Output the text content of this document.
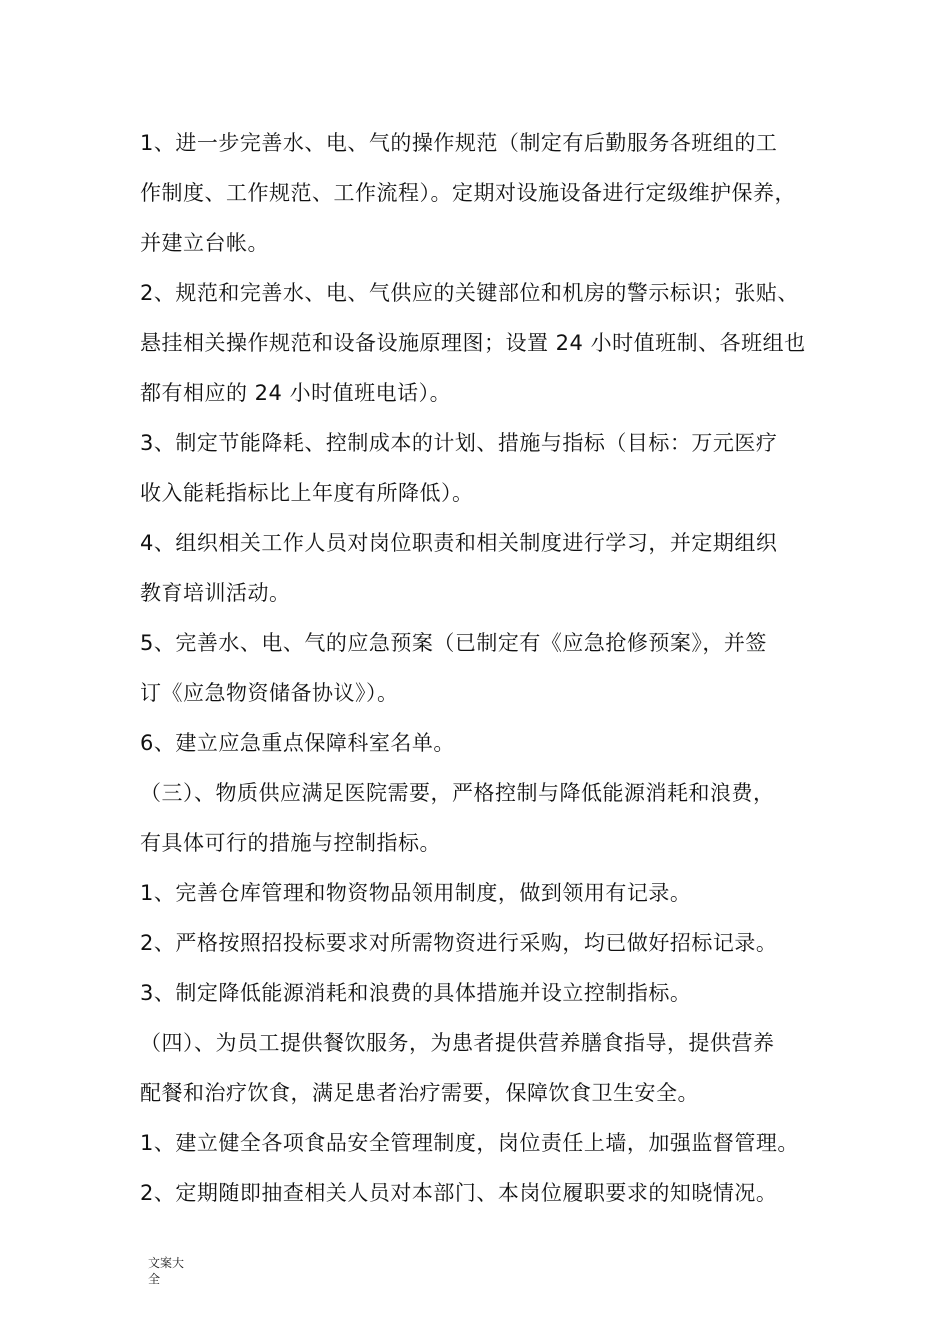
1、进一步完善水、电、气的操作规范（制定有后勤服务各班组的工
作制度、工作规范、工作流程）。定期对设施设备进行定级维护保养，
并建立台帐。
2、规范和完善水、电、气供应的关键部位和机房的警示标识；张贴、
悬挂相关操作规范和设备设施原理图；设置 24 小时值班制、各班组也
都有相应的 24 小时值班电话）。
3、制定节能降耗、控制成本的计划、措施与指标（目标：万元医疗
收入能耗指标比上年度有所降低）。
4、组织相关工作人员对岗位职责和相关制度进行学习，并定期组织
教育培训活动。
5、完善水、电、气的应急预案（已制定有《应急抢修预案》，并签
订《应急物资储备协议》）。
6、建立应急重点保障科室名单。
（三）、物质供应满足医院需要，严格控制与降低能源消耗和浪费，
有具体可行的措施与控制指标。
1、完善仓库管理和物资物品领用制度，做到领用有记录。
2、严格按照招投标要求对所需物资进行采购，均已做好招标记录。
3、制定降低能源消耗和浪费的具体措施并设立控制指标。
（四）、为员工提供餐饮服务，为患者提供营养膳食指导，提供营养
配餐和治疗饮食，满足患者治疗需要，保障饮食卫生安全。
1、建立健全各项食品安全管理制度，岗位责任上墙，加强监督管理。
2、定期随即抽查相关人员对本部门、本岗位履职要求的知晓情况。
文案大
全
